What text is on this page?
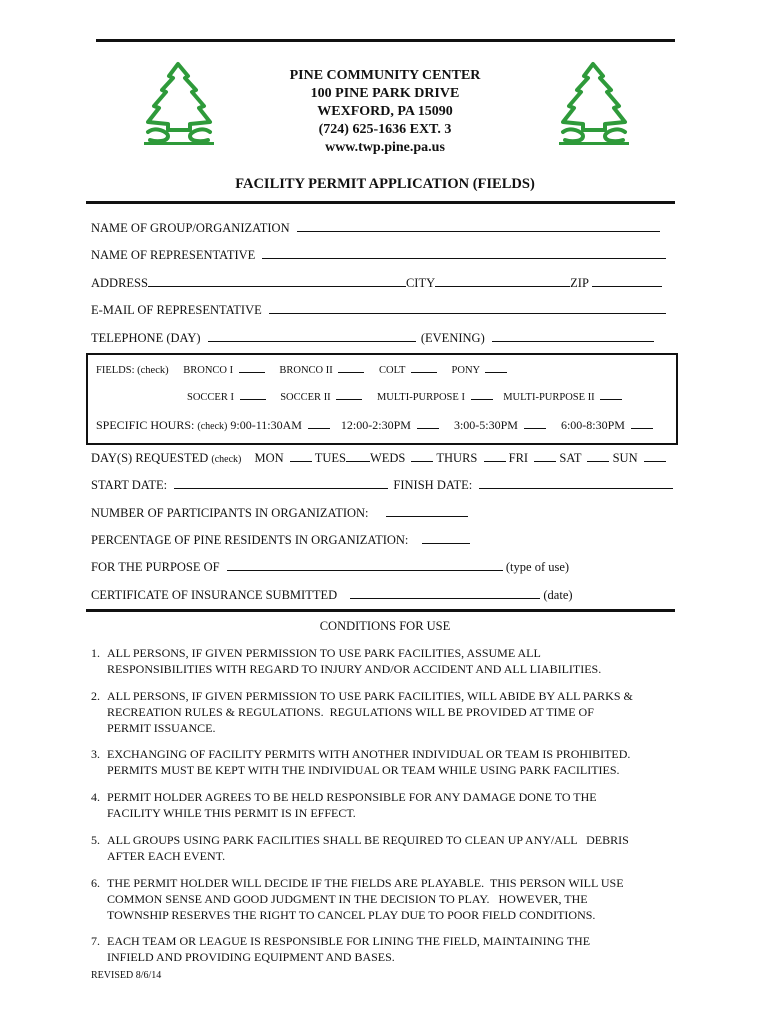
PINE COMMUNITY CENTER
100 PINE PARK DRIVE
WEXFORD, PA 15090
(724) 625-1636 EXT. 3
www.twp.pine.pa.us
FACILITY PERMIT APPLICATION (FIELDS)
NAME OF GROUP/ORGANIZATION
NAME OF REPRESENTATIVE
ADDRESS	CITY	ZIP
E-MAIL OF REPRESENTATIVE
TELEPHONE (DAY)	(EVENING)
FIELDS: (check) BRONCO I	BRONCO II	COLT	PONY
SOCCER I	SOCCER II	MULTI-PURPOSE I	MULTI-PURPOSE II
SPECIFIC HOURS: (check) 9:00-11:30AM	12:00-2:30PM	3:00-5:30PM	6:00-8:30PM
DAY(S) REQUESTED (check) MON TUES WEDS THURS	FRI	SAT	SUN
START DATE:	FINISH DATE:
NUMBER OF PARTICIPANTS IN ORGANIZATION:
PERCENTAGE OF PINE RESIDENTS IN ORGANIZATION:
FOR THE PURPOSE OF	(type of use)
CERTIFICATE OF INSURANCE SUBMITTED	(date)
CONDITIONS FOR USE
1. ALL PERSONS, IF GIVEN PERMISSION TO USE PARK FACILITIES, ASSUME ALL
RESPONSIBILITIES WITH REGARD TO INJURY AND/OR ACCIDENT AND ALL LIABILITIES.
2. ALL PERSONS, IF GIVEN PERMISSION TO USE PARK FACILITIES, WILL ABIDE BY ALL PARKS &
RECREATION RULES & REGULATIONS.  REGULATIONS WILL BE PROVIDED AT TIME OF
PERMIT ISSUANCE.
3. EXCHANGING OF FACILITY PERMITS WITH ANOTHER INDIVIDUAL OR TEAM IS PROHIBITED.
PERMITS MUST BE KEPT WITH THE INDIVIDUAL OR TEAM WHILE USING PARK FACILITIES.
4. PERMIT HOLDER AGREES TO BE HELD RESPONSIBLE FOR ANY DAMAGE DONE TO THE
FACILITY WHILE THIS PERMIT IS IN EFFECT.
5. ALL GROUPS USING PARK FACILITIES SHALL BE REQUIRED TO CLEAN UP ANY/ALL   DEBRIS
AFTER EACH EVENT.
6. THE PERMIT HOLDER WILL DECIDE IF THE FIELDS ARE PLAYABLE.  THIS PERSON WILL USE
COMMON SENSE AND GOOD JUDGMENT IN THE DECISION TO PLAY.   HOWEVER, THE
TOWNSHIP RESERVES THE RIGHT TO CANCEL PLAY DUE TO POOR FIELD CONDITIONS.
7. EACH TEAM OR LEAGUE IS RESPONSIBLE FOR LINING THE FIELD, MAINTAINING THE
INFIELD AND PROVIDING EQUIPMENT AND BASES.
REVISED 8/6/14
